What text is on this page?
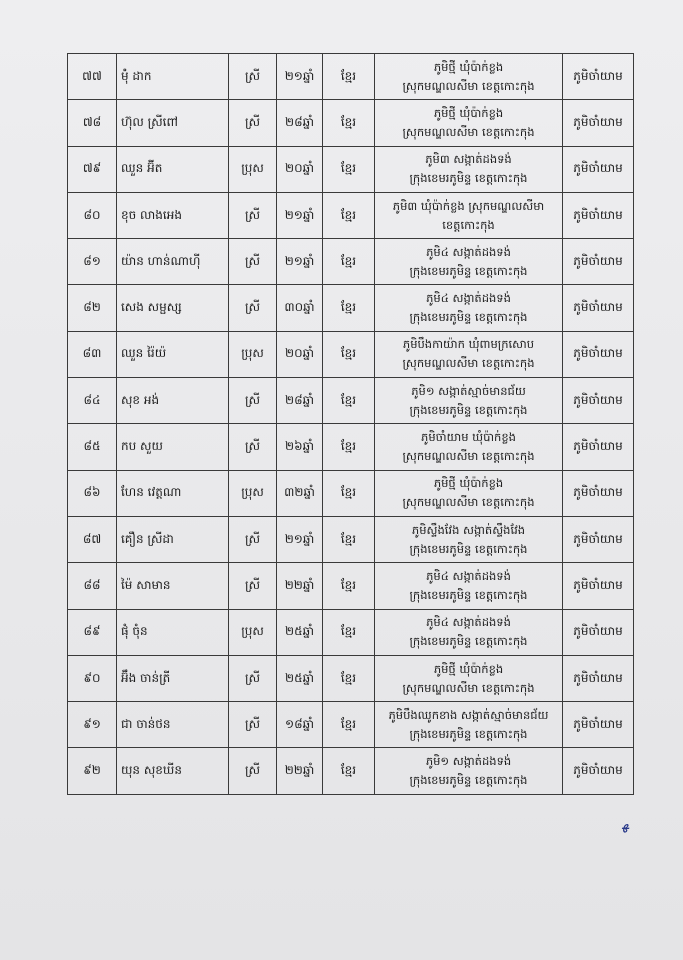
៧៧	ម៉ុំ ដាក	ស្រី	២១ឆ្នាំ	ខ្មែរ	ភូមិថ្មី ឃុំប៉ាក់ខ្លង
ស្រុកមណ្ឌលសីមា ខេត្តកោះកុង	ភូមិចាំយាម
៧៨	ហ៊ុល ស្រីពៅ	ស្រី	២៨ឆ្នាំ	ខ្មែរ	ភូមិថ្មី ឃុំប៉ាក់ខ្លង
ស្រុកមណ្ឌលសីមា ខេត្តកោះកុង	ភូមិចាំយាម
៧៩	ឈួន អ៊ីត	ប្រុស	២០ឆ្នាំ	ខ្មែរ	ភូមិ៣ សង្កាត់ដងទង់
ក្រុងខេមរភូមិន្ទ ខេត្តកោះកុង	ភូមិចាំយាម
៨០	ខុច លាងអេង	ស្រី	២១ឆ្នាំ	ខ្មែរ	ភូមិ៣ ឃុំប៉ាក់ខ្លង ស្រុកមណ្ឌលសីមា
ខេត្តកោះកុង	ភូមិចាំយាម
៨១	យ៉ាន ហាន់ណាហ៊ី	ស្រី	២១ឆ្នាំ	ខ្មែរ	ភូមិ៤ សង្កាត់ដងទង់
ក្រុងខេមរភូមិន្ទ ខេត្តកោះកុង	ភូមិចាំយាម
៨២	សេង សម្ផស្ស	ស្រី	៣០ឆ្នាំ	ខ្មែរ	ភូមិ៤ សង្កាត់ដងទង់
ក្រុងខេមរភូមិន្ទ ខេត្តកោះកុង	ភូមិចាំយាម
៨៣	ឈួន រ៉ៃយ៉	ប្រុស	២០ឆ្នាំ	ខ្មែរ	ភូមិបឹងកាយ៉ាក ឃុំពាមក្រសោប
ស្រុកមណ្ឌលសីមា ខេត្តកោះកុង	ភូមិចាំយាម
៨៤	សុខ អង់	ស្រី	២៨ឆ្នាំ	ខ្មែរ	ភូមិ១ សង្កាត់ស្មាច់មានជ័យ
ក្រុងខេមរភូមិន្ទ ខេត្តកោះកុង	ភូមិចាំយាម
៨៥	កប សួយ	ស្រី	២៦ឆ្នាំ	ខ្មែរ	ភូមិចាំយាម ឃុំប៉ាក់ខ្លង
ស្រុកមណ្ឌលសីមា ខេត្តកោះកុង	ភូមិចាំយាម
៨៦	ហែន វេត្តណា	ប្រុស	៣២ឆ្នាំ	ខ្មែរ	ភូមិថ្មី ឃុំប៉ាក់ខ្លង
ស្រុកមណ្ឌលសីមា ខេត្តកោះកុង	ភូមិចាំយាម
៨៧	គឿន ស្រីដា	ស្រី	២១ឆ្នាំ	ខ្មែរ	ភូមិស្ទឹងវែង សង្កាត់ស្ទឹងវែង
ក្រុងខេមរភូមិន្ទ ខេត្តកោះកុង	ភូមិចាំយាម
៨៨	ម៉ៃ សាមាន	ស្រី	២២ឆ្នាំ	ខ្មែរ	ភូមិ៤ សង្កាត់ដងទង់
ក្រុងខេមរភូមិន្ទ ខេត្តកោះកុង	ភូមិចាំយាម
៨៩	ផុំ ចុំន	ប្រុស	២៥ឆ្នាំ	ខ្មែរ	ភូមិ៤ សង្កាត់ដងទង់
ក្រុងខេមរភូមិន្ទ ខេត្តកោះកុង	ភូមិចាំយាម
៩០	អ៊ឹង ចាន់ត្រី	ស្រី	២៥ឆ្នាំ	ខ្មែរ	ភូមិថ្មី ឃុំប៉ាក់ខ្លង
ស្រុកមណ្ឌលសីមា ខេត្តកោះកុង	ភូមិចាំយាម
៩១	ជា ចាន់ថន	ស្រី	១៨ឆ្នាំ	ខ្មែរ	ភូមិបឹងឈូកខាង សង្កាត់ស្មាច់មានជ័យ
ក្រុងខេមរភូមិន្ទ ខេត្តកោះកុង	ភូមិចាំយាម
៩២	យុន សុខឃីន	ស្រី	២២ឆ្នាំ	ខ្មែរ	ភូមិ១ សង្កាត់ដងទង់
ក្រុងខេមរភូមិន្ទ ខេត្តកោះកុង	ភូមិចាំយាម
ﻬ
